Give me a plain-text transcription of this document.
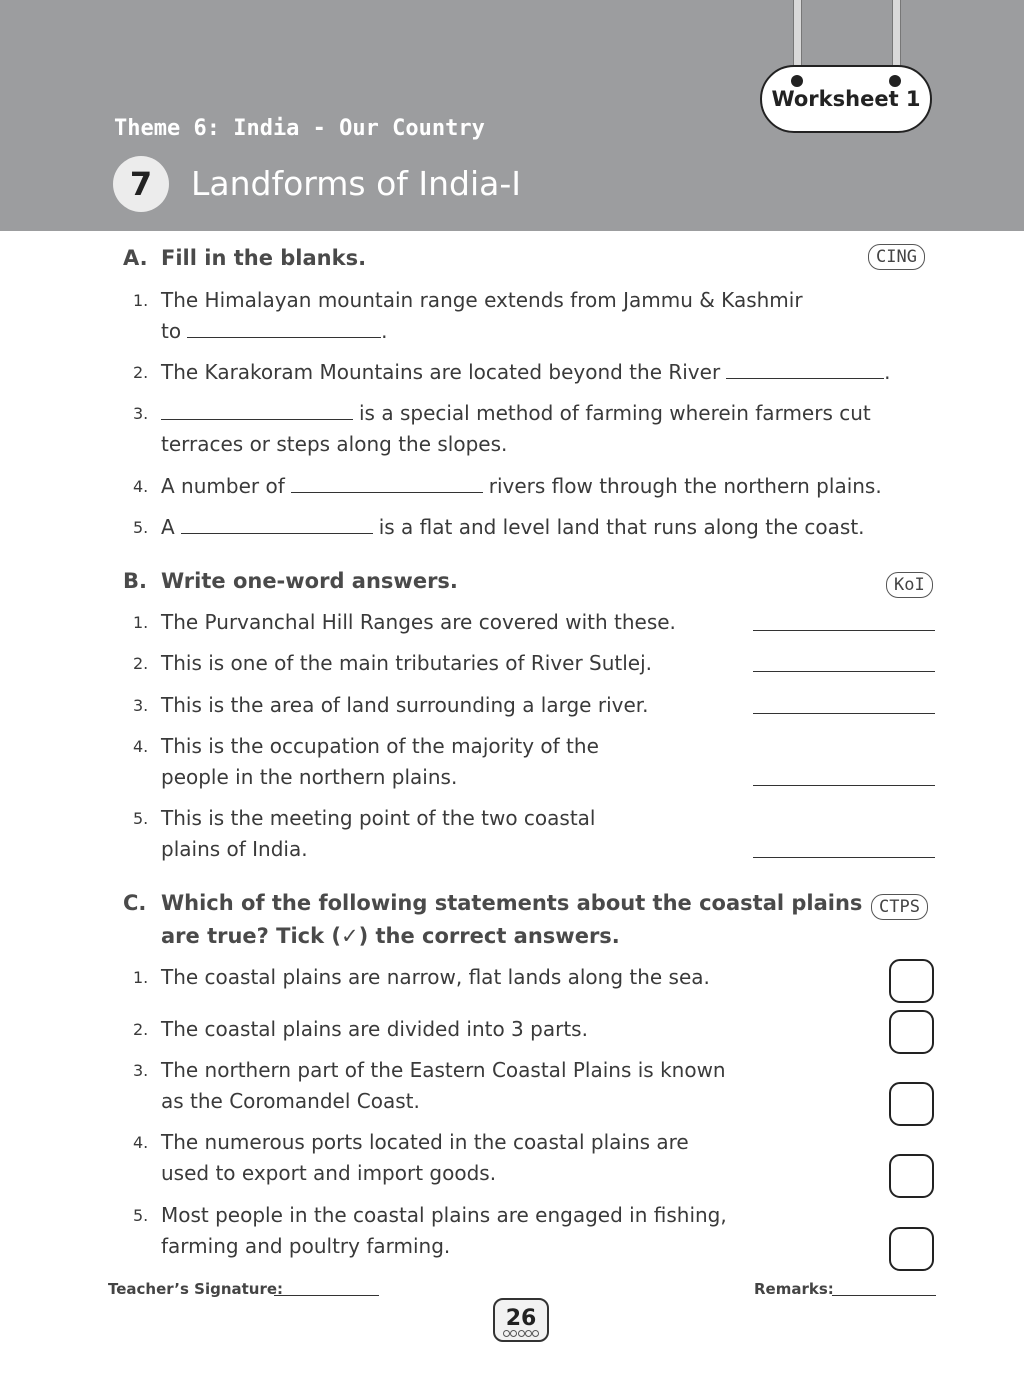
Worksheet 1
Theme 6: India - Our Country
7	Landforms of India-I
A. Fill in the blanks.	CING
1. The Himalayan mountain range extends from Jammu & Kashmir
to	.
2. The Karakoram Mountains are located beyond the River	.
3.	is a special method of farming wherein farmers cut
terraces or steps along the slopes.
4. A number of	rivers flow through the northern plains.
5. A	is a flat and level land that runs along the coast.
B. Write one-word answers.	KoI
1. The Purvanchal Hill Ranges are covered with these.
2. This is one of the main tributaries of River Sutlej.
3. This is the area of land surrounding a large river.
4. This is the occupation of the majority of the
people in the northern plains.
5. This is the meeting point of the two coastal
plains of India.
C. Which of the following statements about the coastal plains
are true? Tick (✓) the correct answers.
CTPS
1. The coastal plains are narrow, flat lands along the sea.
2. The coastal plains are divided into 3 parts.
3. The northern part of the Eastern Coastal Plains is known
as the Coromandel Coast.
4. The numerous ports located in the coastal plains are
used to export and import goods.
5. Most people in the coastal plains are engaged in fishing,
farming and poultry farming.
Teacher’s Signature:	Remarks:
26
